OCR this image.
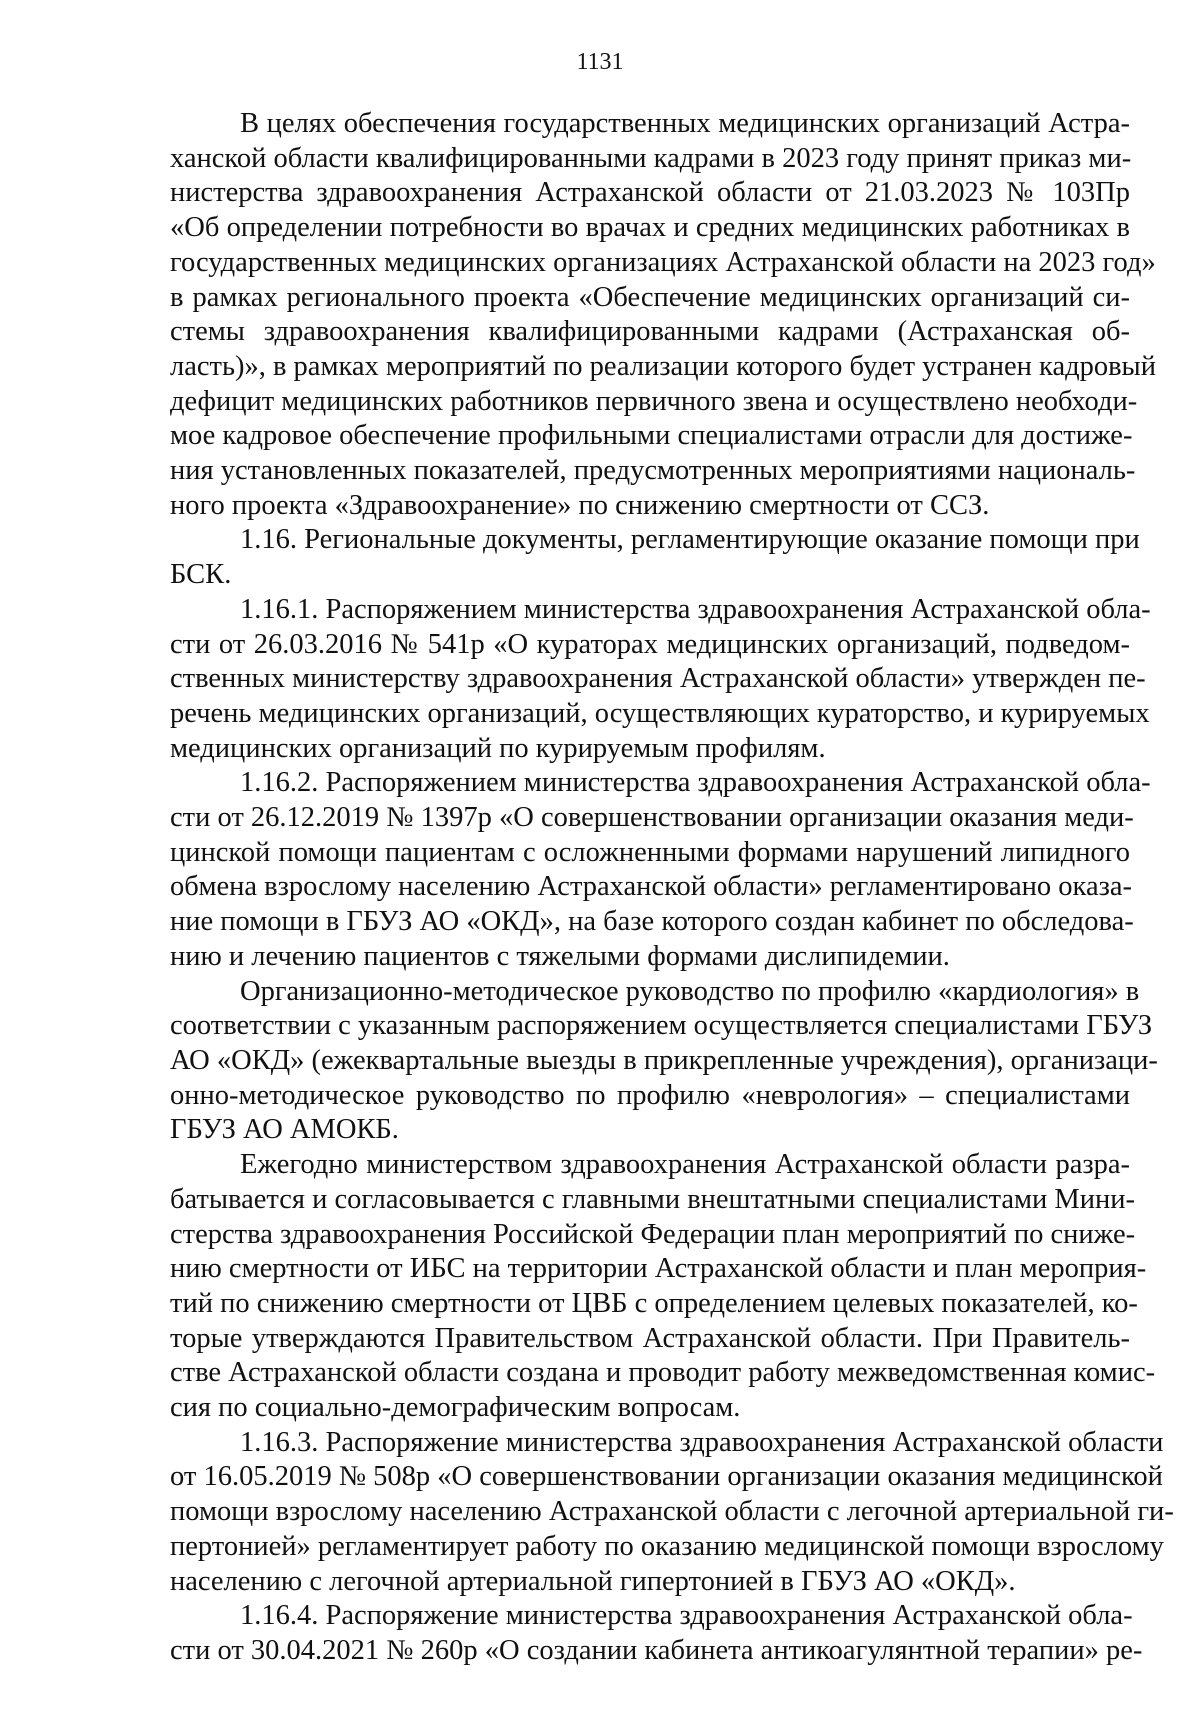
1131
В целях обеспечения государственных медицинских организаций Астра-
ханской области квалифицированными кадрами в 2023 году принят приказ ми-
нистерства здравоохранения Астраханской области от 21.03.2023 № 103Пр
«Об определении потребности во врачах и средних медицинских работниках в
государственных медицинских организациях Астраханской области на 2023 год»
в рамках регионального проекта «Обеспечение медицинских организаций си-
стемы здравоохранения квалифицированными кадрами (Астраханская об-
ласть)», в рамках мероприятий по реализации которого будет устранен кадровый
дефицит медицинских работников первичного звена и осуществлено необходи-
мое кадровое обеспечение профильными специалистами отрасли для достиже-
ния установленных показателей, предусмотренных мероприятиями националь-
ного проекта «Здравоохранение» по снижению смертности от ССЗ.
1.16. Региональные документы, регламентирующие оказание помощи при
БСК.
1.16.1. Распоряжением министерства здравоохранения Астраханской обла-
сти от 26.03.2016 № 541р «О кураторах медицинских организаций, подведом-
ственных министерству здравоохранения Астраханской области» утвержден пе-
речень медицинских организаций, осуществляющих кураторство, и курируемых
медицинских организаций по курируемым профилям.
1.16.2. Распоряжением министерства здравоохранения Астраханской обла-
сти от 26.12.2019 № 1397р «О совершенствовании организации оказания меди-
цинской помощи пациентам с осложненными формами нарушений липидного
обмена взрослому населению Астраханской области» регламентировано оказа-
ние помощи в ГБУЗ АО «ОКД», на базе которого создан кабинет по обследова-
нию и лечению пациентов с тяжелыми формами дислипидемии.
Организационно-методическое руководство по профилю «кардиология» в
соответствии с указанным распоряжением осуществляется специалистами ГБУЗ
АО «ОКД» (ежеквартальные выезды в прикрепленные учреждения), организаци-
онно-методическое руководство по профилю «неврология» – специалистами
ГБУЗ АО АМОКБ.
Ежегодно министерством здравоохранения Астраханской области разра-
батывается и согласовывается с главными внештатными специалистами Мини-
стерства здравоохранения Российской Федерации план мероприятий по сниже-
нию смертности от ИБС на территории Астраханской области и план мероприя-
тий по снижению смертности от ЦВБ с определением целевых показателей, ко-
торые утверждаются Правительством Астраханской области. При Правитель-
стве Астраханской области создана и проводит работу межведомственная комис-
сия по социально-демографическим вопросам.
1.16.3. Распоряжение министерства здравоохранения Астраханской области
от 16.05.2019 № 508р «О совершенствовании организации оказания медицинской
помощи взрослому населению Астраханской области с легочной артериальной ги-
пертонией» регламентирует работу по оказанию медицинской помощи взрослому
населению с легочной артериальной гипертонией в ГБУЗ АО «ОКД».
1.16.4. Распоряжение министерства здравоохранения Астраханской обла-
сти от 30.04.2021 № 260р «О создании кабинета антикоагулянтной терапии» ре-
